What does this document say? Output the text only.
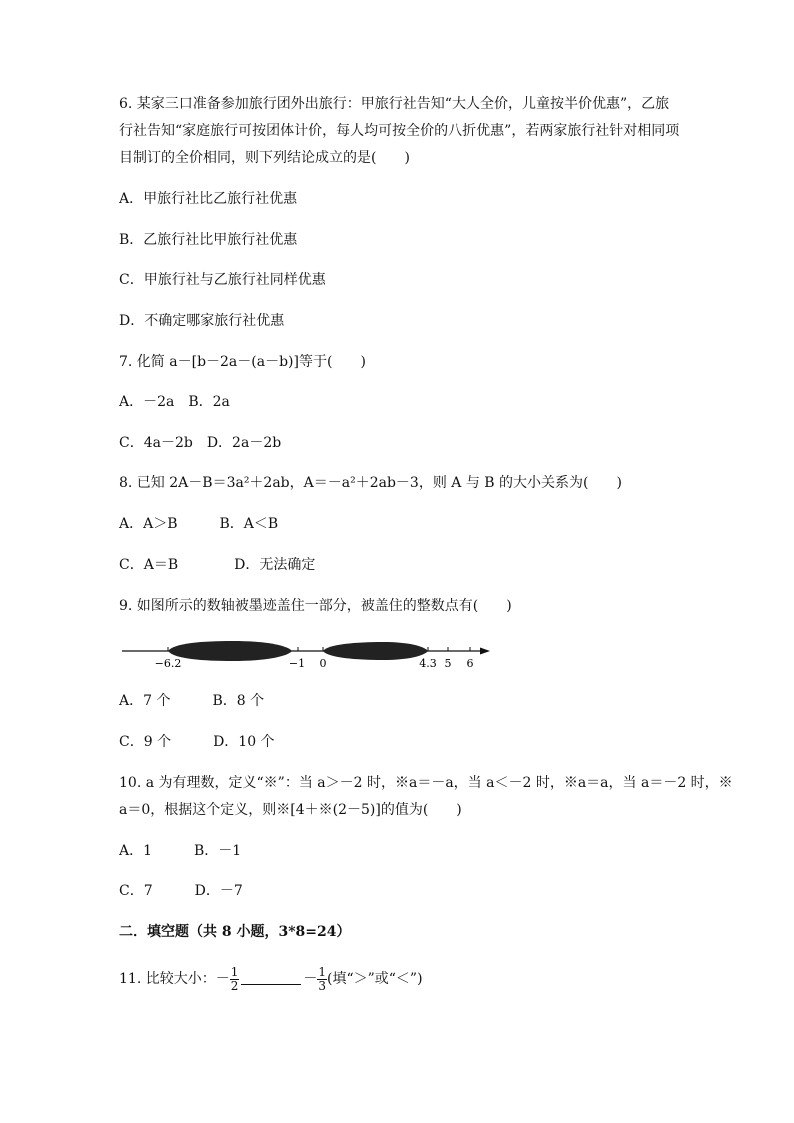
6. 某家三口准备参加旅行团外出旅行：甲旅行社告知“大人全价，儿童按半价优惠”，乙旅
行社告知“家庭旅行可按团体计价，每人均可按全价的八折优惠”，若两家旅行社针对相同项
目制订的全价相同，则下列结论成立的是(　　)
A．甲旅行社比乙旅行社优惠
B．乙旅行社比甲旅行社优惠
C．甲旅行社与乙旅行社同样优惠
D．不确定哪家旅行社优惠
7. 化简 a－[b－2a－(a－b)]等于(　　)
A．－2a　B．2a
C．4a－2b　D．2a－2b
8. 已知 2A－B＝3a²＋2ab，A＝－a²＋2ab－3，则 A 与 B 的大小关系为(　　)
A．A＞B　　　B．A＜B
C．A＝B　　　　D．无法确定
9. 如图所示的数轴被墨迹盖住一部分，被盖住的整数点有(　　)
−6.2	−1 0	4.3 5 6
A．7 个　　　B．8 个
C．9 个　　　D．10 个
10. a 为有理数，定义“※”：当 a＞－2 时，※a＝－a，当 a＜－2 时，※a＝a，当 a＝－2 时，※
a＝0，根据这个定义，则※[4＋※(2－5)]的值为(　　)
A．1　　　B．－1
C．7　　　D．－7
二．填空题（共 8 小题，3*8=24）
11. 比较大小：－ $\frac{1}{2}$	－ $\frac{1}{3}$ (填“＞”或“＜”)
